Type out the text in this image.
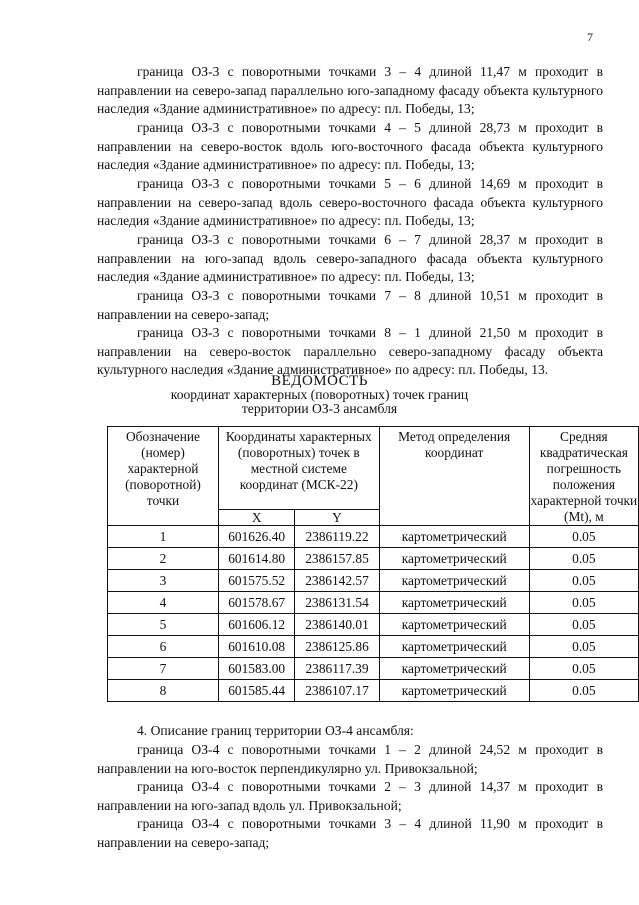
7
граница ОЗ-3 с поворотными точками 3 – 4 длиной 11,47 м проходит в направлении на северо-запад параллельно юго-западному фасаду объекта культурного наследия «Здание административное» по адресу: пл. Победы, 13;
граница ОЗ-3 с поворотными точками 4 – 5 длиной 28,73 м проходит в направлении на северо-восток вдоль юго-восточного фасада объекта культурного наследия «Здание административное» по адресу: пл. Победы, 13;
граница ОЗ-3 с поворотными точками 5 – 6 длиной 14,69 м проходит в направлении на северо-запад вдоль северо-восточного фасада объекта культурного наследия «Здание административное» по адресу: пл. Победы, 13;
граница ОЗ-3 с поворотными точками 6 – 7 длиной 28,37 м проходит в направлении на юго-запад вдоль северо-западного фасада объекта культурного наследия «Здание административное» по адресу: пл. Победы, 13;
граница ОЗ-3 с поворотными точками 7 – 8 длиной 10,51 м проходит в направлении на северо-запад;
граница ОЗ-3 с поворотными точками 8 – 1 длиной 21,50 м проходит в направлении на северо-восток параллельно северо-западному фасаду объекта культурного наследия «Здание административное» по адресу: пл. Победы, 13.
ВЕДОМОСТЬ
координат характерных (поворотных) точек границ
территории ОЗ-3 ансамбля
Обозначение (номер) характерной (поворотной) точки	Координаты характерных (поворотных) точек в местной системе координат (МСК-22)		Метод определения координат	Средняя квадратическая погрешность положения характерной точки (Mt), м
	X	Y		
1	601626.40	2386119.22	картометрический	0.05
2	601614.80	2386157.85	картометрический	0.05
3	601575.52	2386142.57	картометрический	0.05
4	601578.67	2386131.54	картометрический	0.05
5	601606.12	2386140.01	картометрический	0.05
6	601610.08	2386125.86	картометрический	0.05
7	601583.00	2386117.39	картометрический	0.05
8	601585.44	2386107.17	картометрический	0.05
4. Описание границ территории ОЗ-4 ансамбля:
граница ОЗ-4 с поворотными точками 1 – 2 длиной 24,52 м проходит в направлении на юго-восток перпендикулярно ул. Привокзальной;
граница ОЗ-4 с поворотными точками 2 – 3 длиной 14,37 м проходит в направлении на юго-запад вдоль ул. Привокзальной;
граница ОЗ-4 с поворотными точками 3 – 4 длиной 11,90 м проходит в направлении на северо-запад;
